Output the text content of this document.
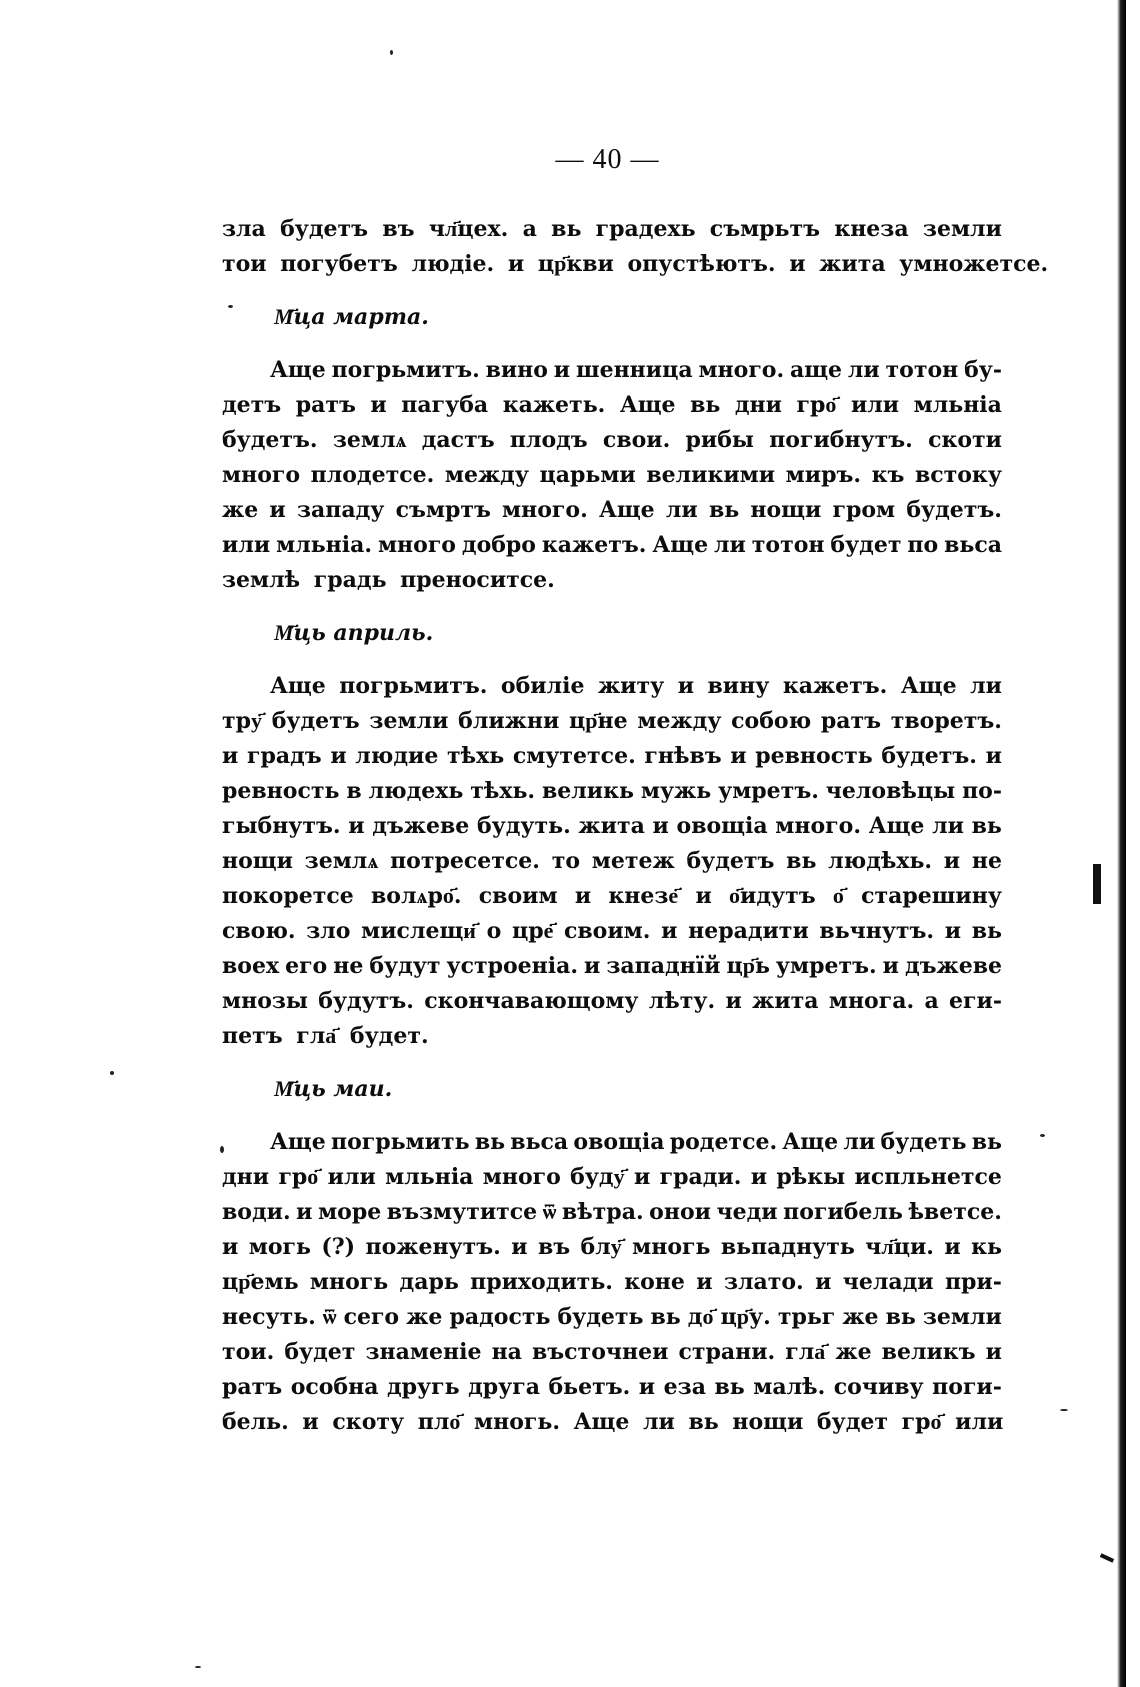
— 40 —
зла будетъ въ чл҃цех. а вь градехь съмрьтъ кнеза земли
тои погубетъ людіе. и цр҃кви опустѣютъ. и жита умножетсе.
М҃ца марта.
Аще погрьмитъ. вино и шенница много. аще ли тотон бу-
детъ ратъ и пагуба кажеть. Аще вь дни гро҃ или мльніа
будетъ. землѧ дастъ плодъ свои. рибы погибнутъ. скоти
много плодетсе. между царьми великими миръ. къ встоку
же и западу съмртъ много. Аще ли вь нощи гром будетъ.
или мльніа. много добро кажетъ. Аще ли тотон будет по вьса
землѣ градь преноситсе.
М҃ць априль.
Аще погрьмитъ. обиліе житу и вину кажетъ. Аще ли
тру҃ будетъ земли ближни цр҃не между собою ратъ творетъ.
и градъ и людие тѣхь смутетсе. гнѣвъ и ревность будетъ. и
ревность в людехь тѣхь. великь мужь умретъ. человѣцы по-
гыбнутъ. и дъжеве будуть. жита и овощіа много. Аще ли вь
нощи землѧ потресетсе. то метеж будетъ вь людѣхь. и не
покоретсе волѧро҃. своим и кнезе҃ и о҃идутъ о҃ старешину
свою. зло мислещи҃ о цре҃ своим. и нерадити вьчнутъ. и вь
воех его не будут устроеніа. и западнїй цр҃ь умретъ. и дъжеве
мнозы будутъ. скончавающому лѣту. и жита многа. а еги-
петъ гла҃ будет.
М҃ць маи.
Аще погрьмить вь вьса овощіа родетсе. Аще ли будеть вь
дни гро҃ или мльніа много буду҃ и гради. и рѣкы испльнетсе
води. и море възмутитсе ѿ вѣтра. онои чеди погибель ѣветсе.
и могь (?) поженутъ. и въ блу҃ многь вьпаднуть чл҃ци. и кь
цр҃емь многь дарь приходить. коне и злато. и челади при-
несуть. ѿ сего же радость будеть вь до҃ цр҃у. трьг же вь земли
тои. будет знаменіе на въсточнеи страни. гла҃ же великъ и
ратъ особна другь друга бьетъ. и еза вь малѣ. сочиву поги-
бель. и скоту пло҃ многь. Аще ли вь нощи будет гро҃ или
